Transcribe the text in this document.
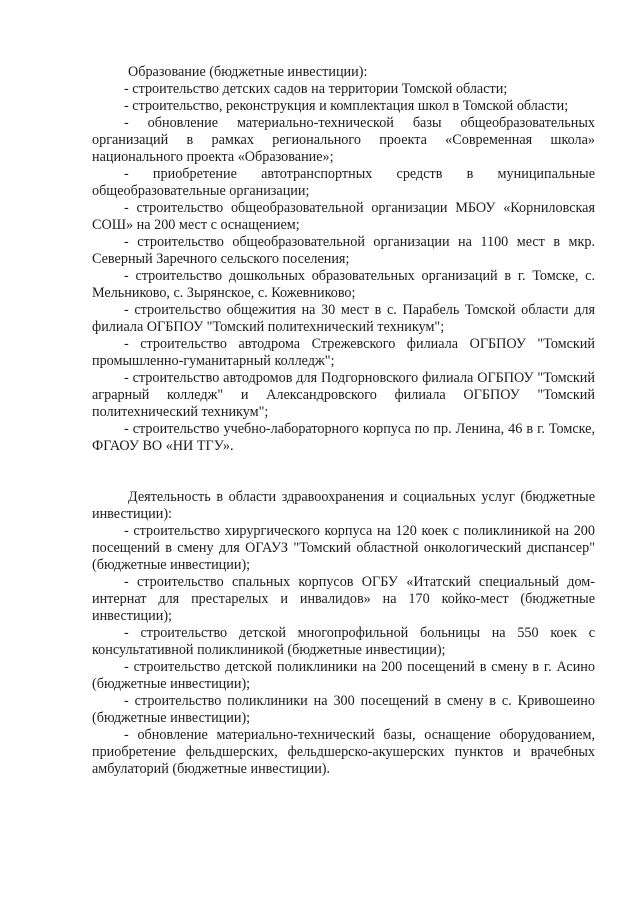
Образование (бюджетные инвестиции):

- строительство детских садов на территории Томской области;

- строительство, реконструкция и комплектация школ в Томской области;

- обновление материально-технической базы общеобразовательных организаций в рамках регионального проекта «Современная школа» национального проекта «Образование»;

- приобретение автотранспортных средств в муниципальные общеобразовательные организации;

- строительство общеобразовательной организации МБОУ «Корниловская СОШ» на 200 мест с оснащением;

- строительство общеобразовательной организации на 1100 мест в мкр. Северный Заречного сельского поселения;

- строительство дошкольных образовательных организаций в г. Томске, с. Мельниково, с. Зырянское, с. Кожевниково;

- строительство общежития на 30 мест в с. Парабель Томской области для филиала ОГБПОУ "Томский политехнический техникум";

- строительство автодрома Стрежевского филиала ОГБПОУ "Томский промышленно-гуманитарный колледж";

- строительство автодромов для Подгорновского филиала ОГБПОУ "Томский аграрный колледж" и Александровского филиала ОГБПОУ "Томский политехнический техникум";

- строительство учебно-лабораторного корпуса по пр. Ленина, 46 в г. Томске, ФГАОУ ВО «НИ ТГУ».

Деятельность в области здравоохранения и социальных услуг (бюджетные инвестиции):

- строительство хирургического корпуса на 120 коек с поликлиникой на 200 посещений в смену для ОГАУЗ "Томский областной онкологический диспансер" (бюджетные инвестиции);

- строительство спальных корпусов ОГБУ «Итатский специальный дом-интернат для престарелых и инвалидов» на 170 койко-мест (бюджетные инвестиции);

- строительство детской многопрофильной больницы на 550 коек с консультативной поликлиникой (бюджетные инвестиции);

- строительство детской поликлиники на 200 посещений в смену в г. Асино (бюджетные инвестиции);

- строительство поликлиники на 300 посещений в смену в с. Кривошеино (бюджетные инвестиции);

- обновление материально-технический базы, оснащение оборудованием, приобретение фельдшерских, фельдшерско-акушерских пунктов и врачебных амбулаторий (бюджетные инвестиции).
